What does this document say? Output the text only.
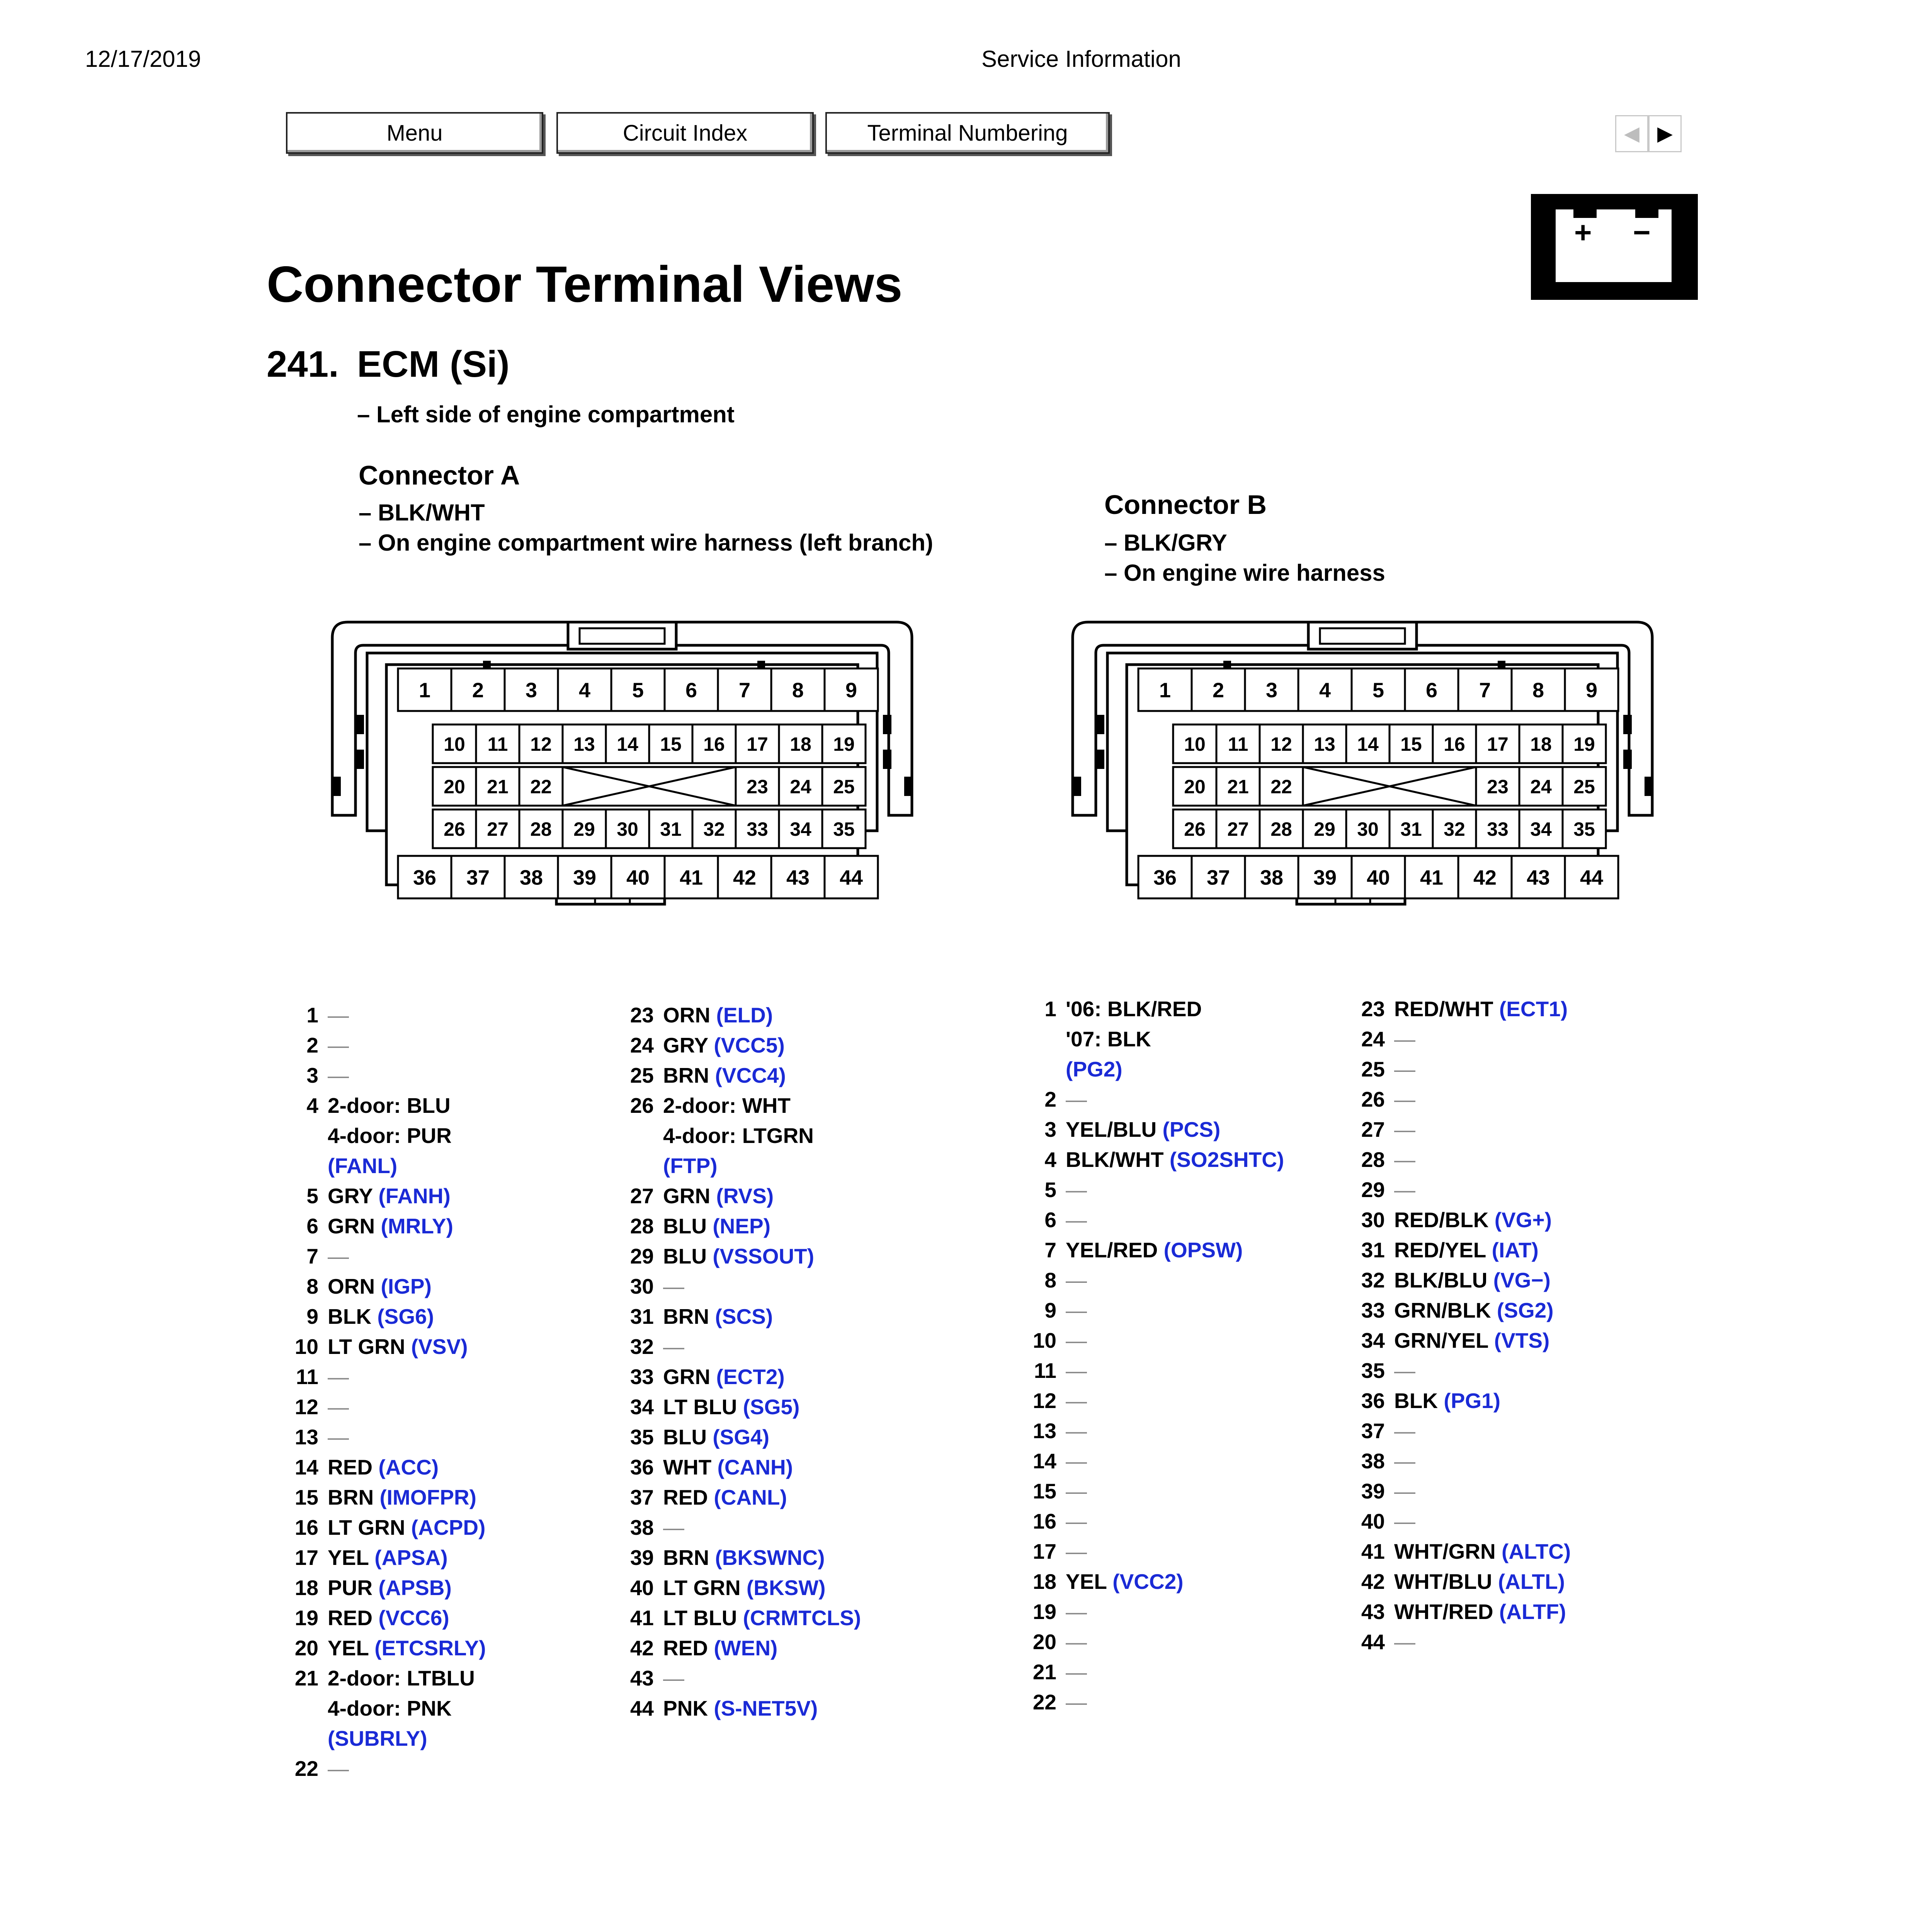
12/17/2019	Service Information
Menu	Circuit Index	Terminal Numbering	◀ ▶
+ −
Connector Terminal Views
241. ECM (Si)
– Left side of engine compartment
Connector A
– BLK/WHT
– On engine compartment wire harness (left branch)
Connector B
– BLK/GRY
– On engine wire harness
1 2 3 4 5 6 7 8 9
10 11 12 13 14 15 16 17 18 19
20 21 22	23 24 25
26 27 28 29 30 31 32 33 34 35
36 37 38 39 40 41 42 43 44
1 2 3 4 5 6 7 8 9
10 11 12 13 14 15 16 17 18 19
20 21 22	23 24 25
26 27 28 29 30 31 32 33 34 35
36 37 38 39 40 41 42 43 44
1 —
2 —
3 —
4 2-door: BLU
4-door: PUR
(FANL)
5 GRY (FANH)
6 GRN (MRLY)
7 —
8 ORN (IGP)
9 BLK (SG6)
10 LT GRN (VSV)
11 —
12 —
13 —
14 RED (ACC)
15 BRN (IMOFPR)
16 LT GRN (ACPD)
17 YEL (APSA)
18 PUR (APSB)
19 RED (VCC6)
20 YEL (ETCSRLY)
21 2-door: LTBLU
4-door: PNK
(SUBRLY)
22 —
23 ORN (ELD)
24 GRY (VCC5)
25 BRN (VCC4)
26 2-door: WHT
4-door: LTGRN
(FTP)
27 GRN (RVS)
28 BLU (NEP)
29 BLU (VSSOUT)
30 —
31 BRN (SCS)
32 —
33 GRN (ECT2)
34 LT BLU (SG5)
35 BLU (SG4)
36 WHT (CANH)
37 RED (CANL)
38 —
39 BRN (BKSWNC)
40 LT GRN (BKSW)
41 LT BLU (CRMTCLS)
42 RED (WEN)
43 —
44 PNK (S-NET5V)
1 '06: BLK/RED
'07: BLK
(PG2)
2 —
3 YEL/BLU (PCS)
4 BLK/WHT (SO2SHTC)
5 —
6 —
7 YEL/RED (OPSW)
8 —
9 —
10 —
11 —
12 —
13 —
14 —
15 —
16 —
17 —
18 YEL (VCC2)
19 —
20 —
21 —
22 —
23 RED/WHT (ECT1)
24 —
25 —
26 —
27 —
28 —
29 —
30 RED/BLK (VG+)
31 RED/YEL (IAT)
32 BLK/BLU (VG−)
33 GRN/BLK (SG2)
34 GRN/YEL (VTS)
35 —
36 BLK (PG1)
37 —
38 —
39 —
40 —
41 WHT/GRN (ALTC)
42 WHT/BLU (ALTL)
43 WHT/RED (ALTF)
44 —
